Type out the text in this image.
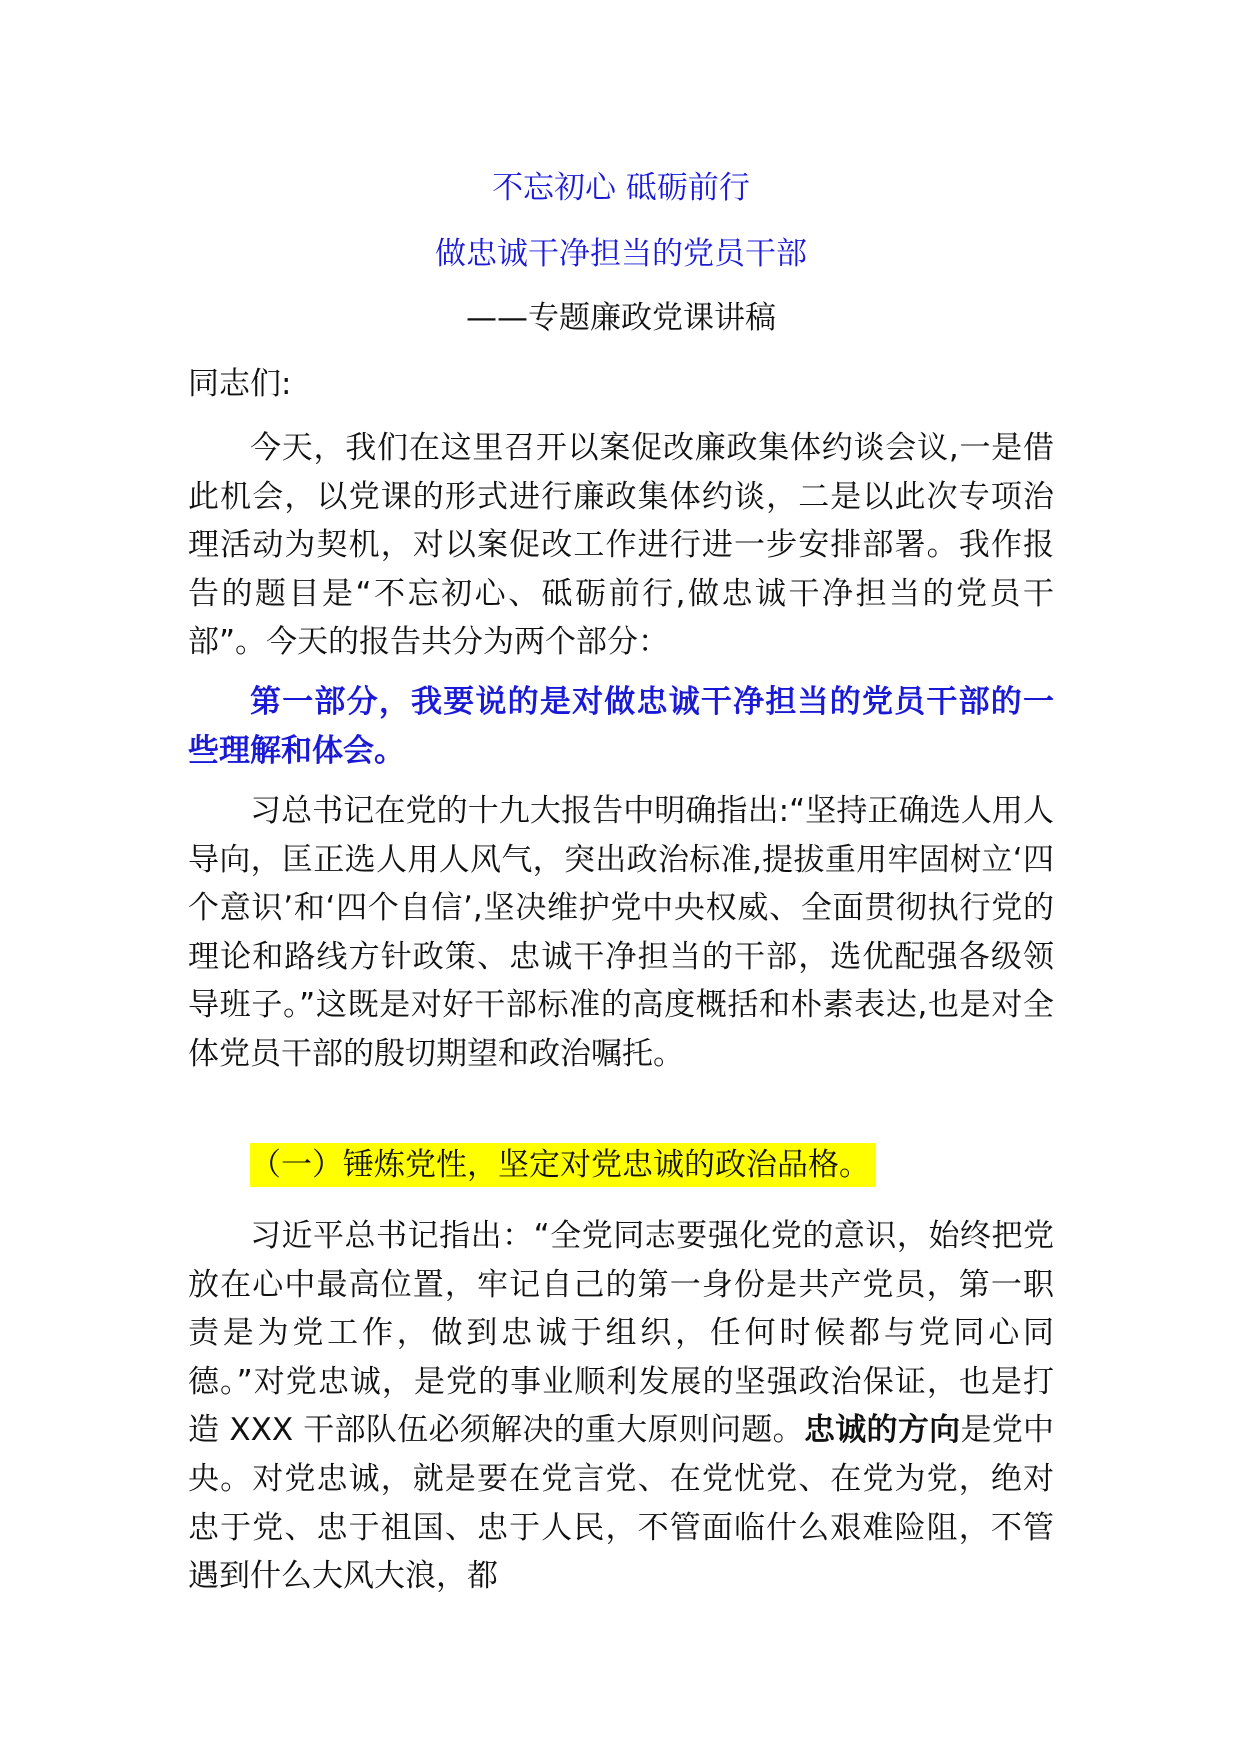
不忘初心 砥砺前行
做忠诚干净担当的党员干部
——专题廉政党课讲稿

同志们:

今天，我们在这里召开以案促改廉政集体约谈会议,一是借此机会，以党课的形式进行廉政集体约谈，二是以此次专项治理活动为契机，对以案促改工作进行进一步安排部署。我作报告的题目是“不忘初心、砥砺前行,做忠诚干净担当的党员干部”。今天的报告共分为两个部分：

第一部分，我要说的是对做忠诚干净担当的党员干部的一些理解和体会。

习总书记在党的十九大报告中明确指出:“坚持正确选人用人导向，匡正选人用人风气，突出政治标准,提拔重用牢固树立‘四个意识’和‘四个自信’,坚决维护党中央权威、全面贯彻执行党的理论和路线方针政策、忠诚干净担当的干部，选优配强各级领导班子。”这既是对好干部标准的高度概括和朴素表达,也是对全体党员干部的殷切期望和政治嘱托。

（一）锤炼党性，坚定对党忠诚的政治品格。

习近平总书记指出：“全党同志要强化党的意识，始终把党放在心中最高位置，牢记自己的第一身份是共产党员，第一职责是为党工作，做到忠诚于组织，任何时候都与党同心同德。”对党忠诚，是党的事业顺利发展的坚强政治保证，也是打造 XXX 干部队伍必须解决的重大原则问题。忠诚的方向是党中央。对党忠诚，就是要在党言党、在党忧党、在党为党，绝对忠于党、忠于祖国、忠于人民，不管面临什么艰难险阻，不管遇到什么大风大浪，都
